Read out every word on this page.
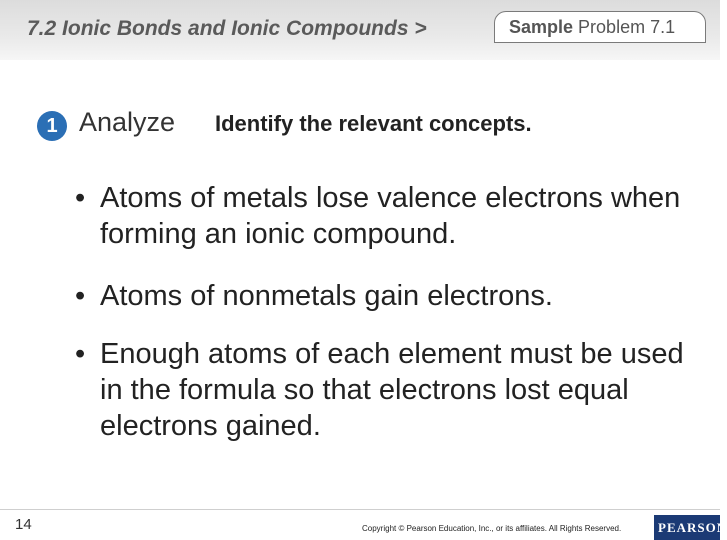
7.2 Ionic Bonds and Ionic Compounds >	Sample Problem 7.1
1 Analyze Identify the relevant concepts.
• Atoms of metals lose valence electrons when forming an ionic compound.
• Atoms of nonmetals gain electrons.
• Enough atoms of each element must be used in the formula so that electrons lost equal electrons gained.
14	Copyright © Pearson Education, Inc., or its affiliates. All Rights Reserved.	PEARSON
